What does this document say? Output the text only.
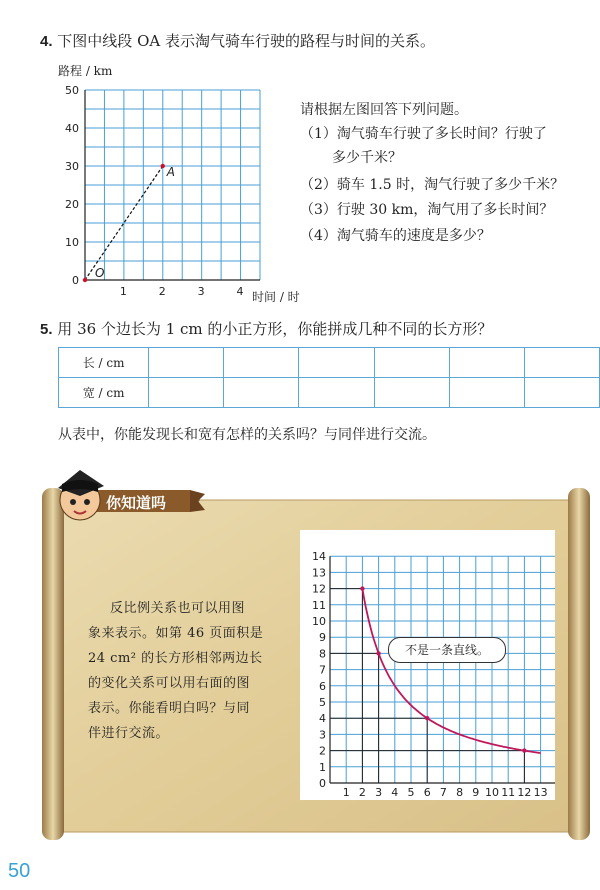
4. 下图中线段 OA 表示淘气骑车行驶的路程与时间的关系。
路程 / km
时间 / 时
1	2	3	4
0
10
20
30
40
50
O
A
请根据左图回答下列问题。
（1）淘气骑车行驶了多长时间？行驶了
多少千米？
（2）骑车 1.5 时，淘气行驶了多少千米？
（3）行驶 30 km，淘气用了多长时间？
（4）淘气骑车的速度是多少？
5. 用 36 个边长为 1 cm 的小正方形，你能拼成几种不同的长方形？
长 / cm						
宽 / cm						
从表中，你能发现长和宽有怎样的关系吗？与同伴进行交流。
你知道吗
反比例关系也可以用图
象来表示。如第 46 页面积是
24 cm² 的长方形相邻两边长
的变化关系可以用右面的图
表示。你能看明白吗？与同
伴进行交流。
1 2 3 4 5 6 7 8 9 10 11 12 13
0
1
2
3
4
5
6
7
8
9
10
11
12
13
14
不是一条直线。
50
